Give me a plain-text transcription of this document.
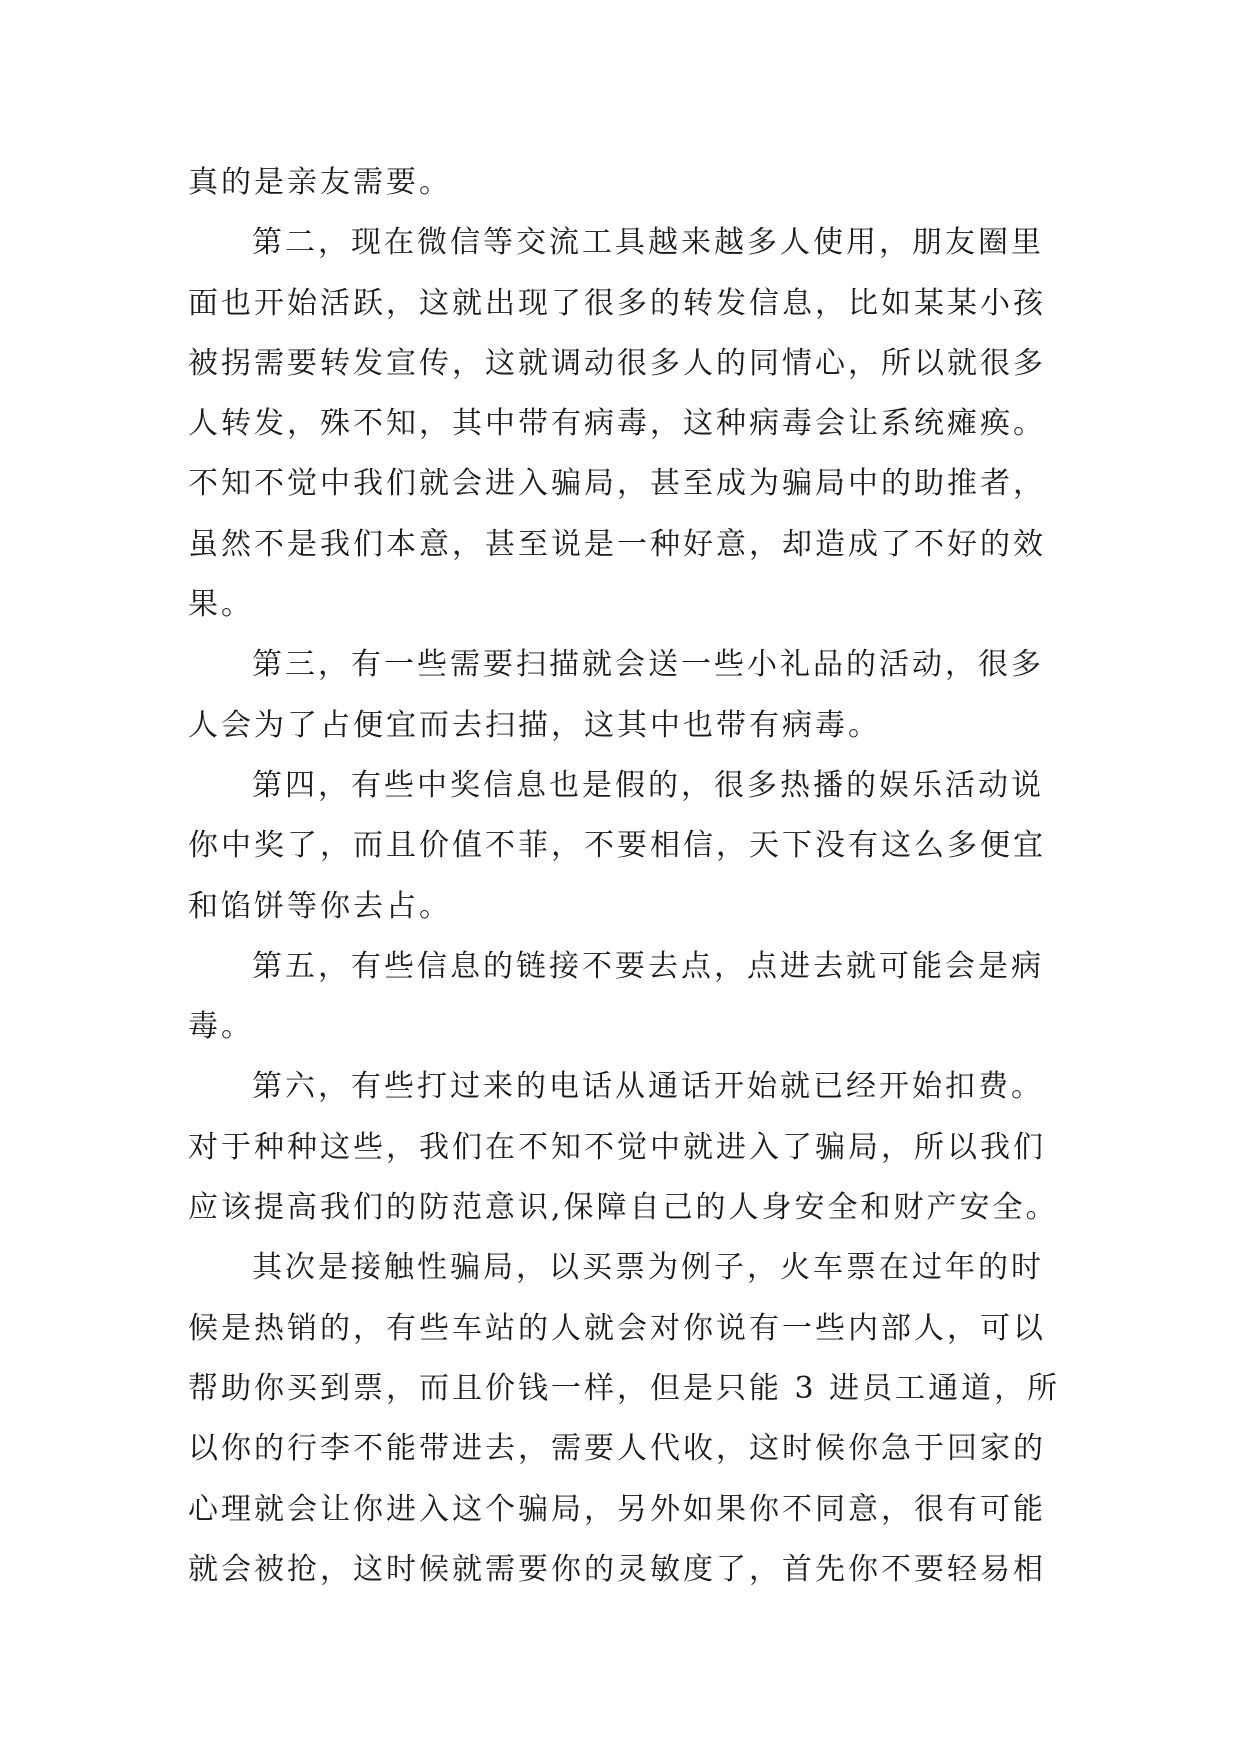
真的是亲友需要。
第二，现在微信等交流工具越来越多人使用，朋友圈里
面也开始活跃，这就出现了很多的转发信息，比如某某小孩
被拐需要转发宣传，这就调动很多人的同情心，所以就很多
人转发，殊不知，其中带有病毒，这种病毒会让系统瘫痪。
不知不觉中我们就会进入骗局，甚至成为骗局中的助推者，
虽然不是我们本意，甚至说是一种好意，却造成了不好的效
果。
第三，有一些需要扫描就会送一些小礼品的活动，很多
人会为了占便宜而去扫描，这其中也带有病毒。
第四，有些中奖信息也是假的，很多热播的娱乐活动说
你中奖了，而且价值不菲，不要相信，天下没有这么多便宜
和馅饼等你去占。
第五，有些信息的链接不要去点，点进去就可能会是病
毒。
第六，有些打过来的电话从通话开始就已经开始扣费。
对于种种这些，我们在不知不觉中就进入了骗局，所以我们
应该提高我们的防范意识,保障自己的人身安全和财产安全。
其次是接触性骗局，以买票为例子，火车票在过年的时
候是热销的，有些车站的人就会对你说有一些内部人，可以
帮助你买到票，而且价钱一样，但是只能 3 进员工通道，所
以你的行李不能带进去，需要人代收，这时候你急于回家的
心理就会让你进入这个骗局，另外如果你不同意，很有可能
就会被抢，这时候就需要你的灵敏度了，首先你不要轻易相
